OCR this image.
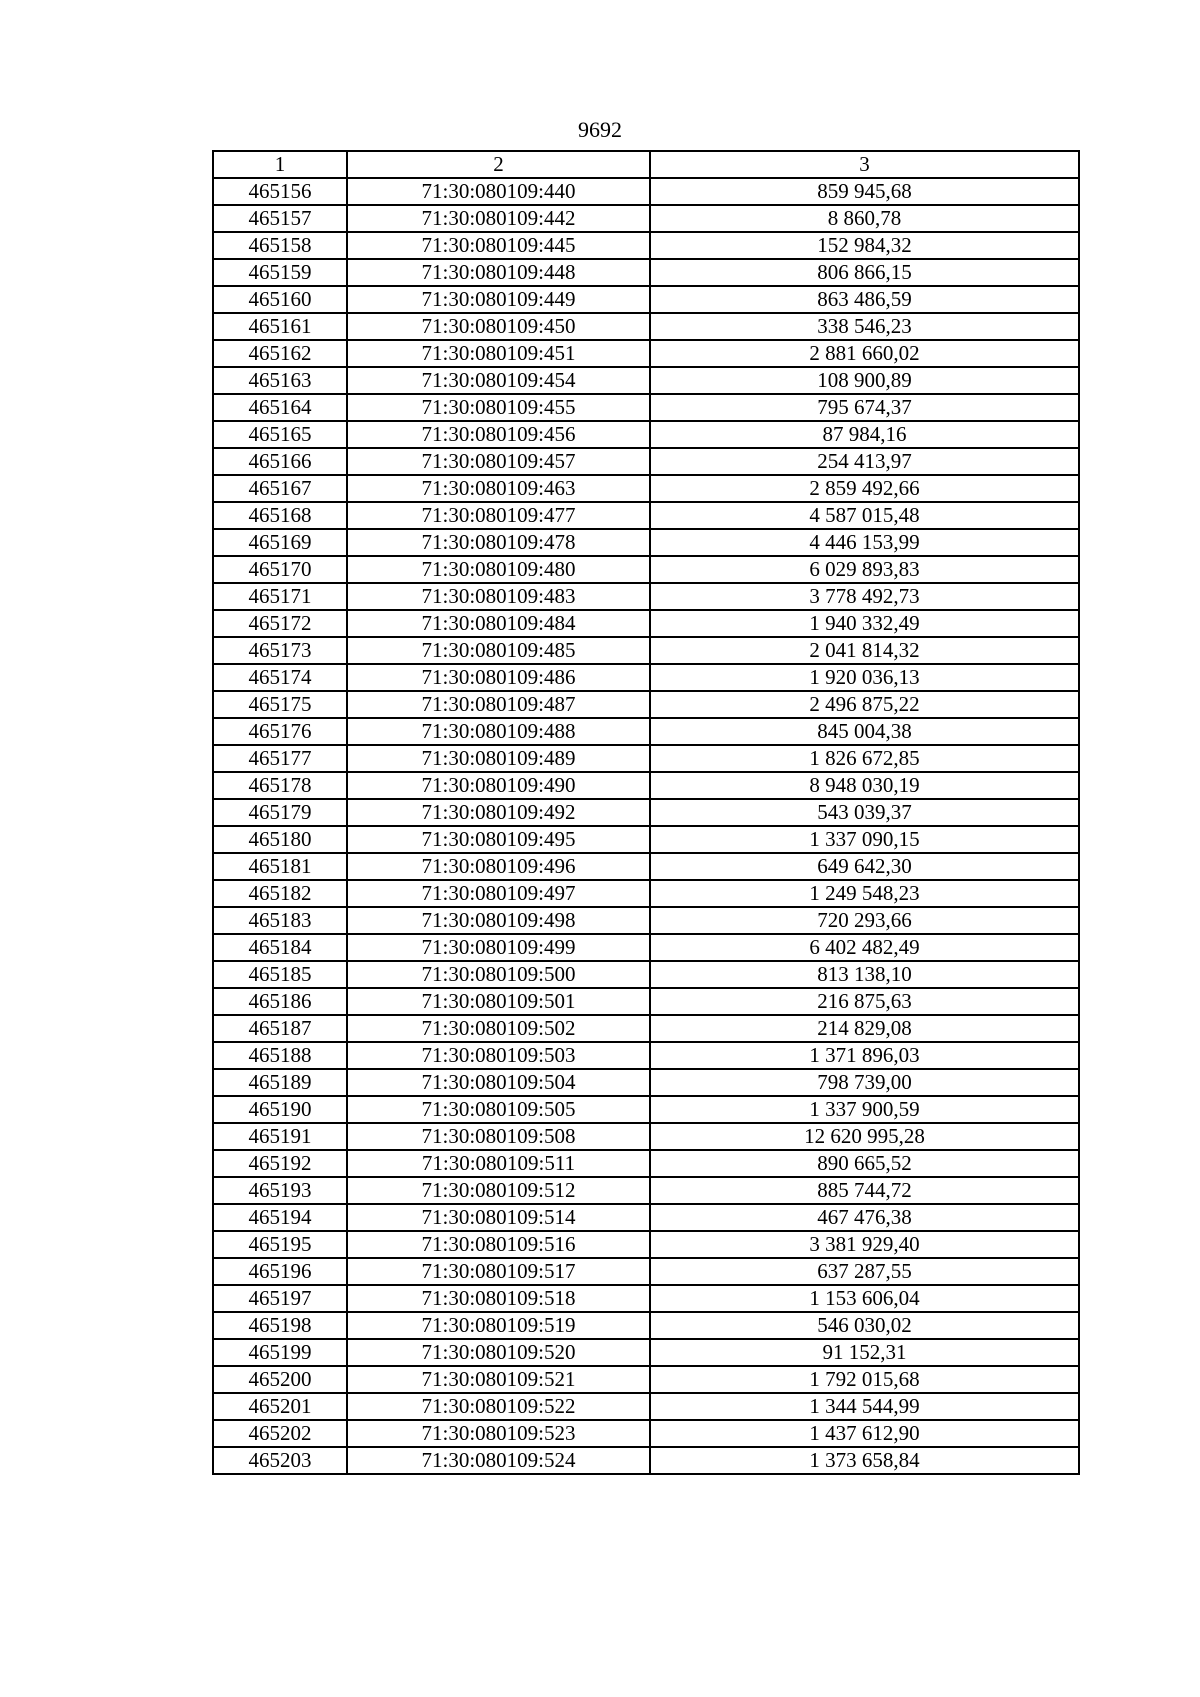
9692
1	2	3
465156	71:30:080109:440	859 945,68
465157	71:30:080109:442	8 860,78
465158	71:30:080109:445	152 984,32
465159	71:30:080109:448	806 866,15
465160	71:30:080109:449	863 486,59
465161	71:30:080109:450	338 546,23
465162	71:30:080109:451	2 881 660,02
465163	71:30:080109:454	108 900,89
465164	71:30:080109:455	795 674,37
465165	71:30:080109:456	87 984,16
465166	71:30:080109:457	254 413,97
465167	71:30:080109:463	2 859 492,66
465168	71:30:080109:477	4 587 015,48
465169	71:30:080109:478	4 446 153,99
465170	71:30:080109:480	6 029 893,83
465171	71:30:080109:483	3 778 492,73
465172	71:30:080109:484	1 940 332,49
465173	71:30:080109:485	2 041 814,32
465174	71:30:080109:486	1 920 036,13
465175	71:30:080109:487	2 496 875,22
465176	71:30:080109:488	845 004,38
465177	71:30:080109:489	1 826 672,85
465178	71:30:080109:490	8 948 030,19
465179	71:30:080109:492	543 039,37
465180	71:30:080109:495	1 337 090,15
465181	71:30:080109:496	649 642,30
465182	71:30:080109:497	1 249 548,23
465183	71:30:080109:498	720 293,66
465184	71:30:080109:499	6 402 482,49
465185	71:30:080109:500	813 138,10
465186	71:30:080109:501	216 875,63
465187	71:30:080109:502	214 829,08
465188	71:30:080109:503	1 371 896,03
465189	71:30:080109:504	798 739,00
465190	71:30:080109:505	1 337 900,59
465191	71:30:080109:508	12 620 995,28
465192	71:30:080109:511	890 665,52
465193	71:30:080109:512	885 744,72
465194	71:30:080109:514	467 476,38
465195	71:30:080109:516	3 381 929,40
465196	71:30:080109:517	637 287,55
465197	71:30:080109:518	1 153 606,04
465198	71:30:080109:519	546 030,02
465199	71:30:080109:520	91 152,31
465200	71:30:080109:521	1 792 015,68
465201	71:30:080109:522	1 344 544,99
465202	71:30:080109:523	1 437 612,90
465203	71:30:080109:524	1 373 658,84
